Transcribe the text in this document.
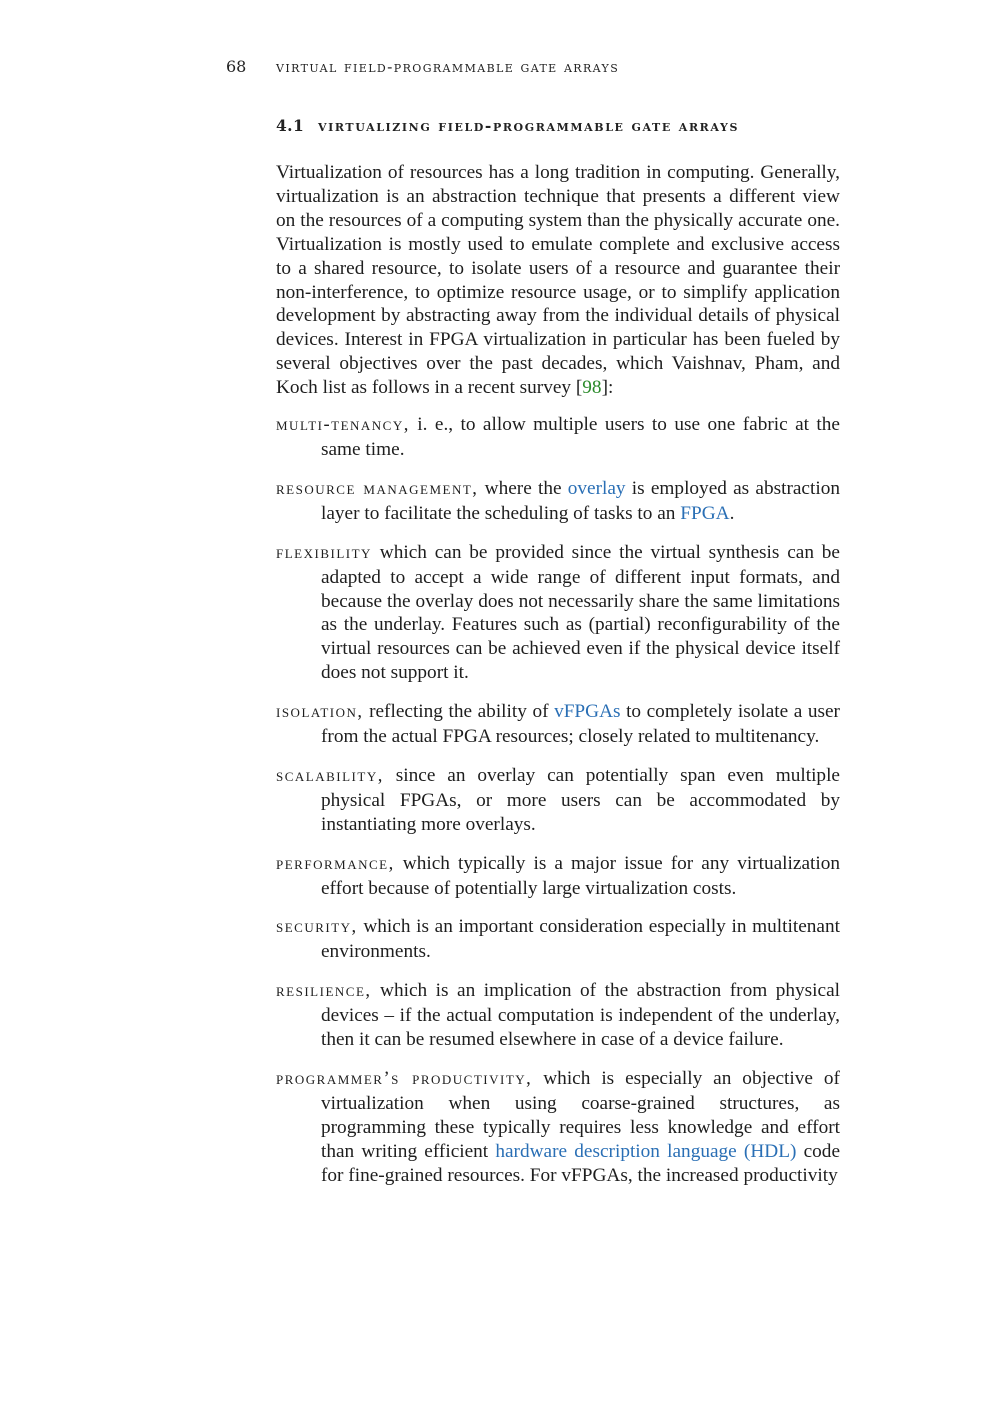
68 virtual field-programmable gate arrays
4.1 virtualizing field-programmable gate arrays

Virtualization of resources has a long tradition in computing. Generally, virtualization is an abstraction technique that presents a different view on the resources of a computing system than the physically accurate one. Virtualization is mostly used to emulate complete and exclusive access to a shared resource, to isolate users of a resource and guarantee their non-interference, to optimize resource usage, or to simplify application development by abstracting away from the individual details of physical devices. Interest in FPGA virtualization in particular has been fueled by several objectives over the past decades, which Vaishnav, Pham, and Koch list as follows in a recent survey [98]:

multi-tenancy, i. e., to allow multiple users to use one fabric at the same time.
resource management, where the overlay is employed as abstraction layer to facilitate the scheduling of tasks to an FPGA.
flexibility which can be provided since the virtual synthesis can be adapted to accept a wide range of different input formats, and because the overlay does not necessarily share the same limitations as the underlay. Features such as (partial) reconfigurability of the virtual resources can be achieved even if the physical device itself does not support it.
isolation, reflecting the ability of vFPGAs to completely isolate a user from the actual FPGA resources; closely related to multitenancy.
scalability, since an overlay can potentially span even multiple physical FPGAs, or more users can be accommodated by instantiating more overlays.
performance, which typically is a major issue for any virtualization effort because of potentially large virtualization costs.
security, which is an important consideration especially in multitenant environments.
resilience, which is an implication of the abstraction from physical devices – if the actual computation is independent of the underlay, then it can be resumed elsewhere in case of a device failure.
programmer’s productivity, which is especially an objective of virtualization when using coarse-grained structures, as programming these typically requires less knowledge and effort than writing efficient hardware description language (HDL) code for fine-grained resources. For vFPGAs, the increased productivity
